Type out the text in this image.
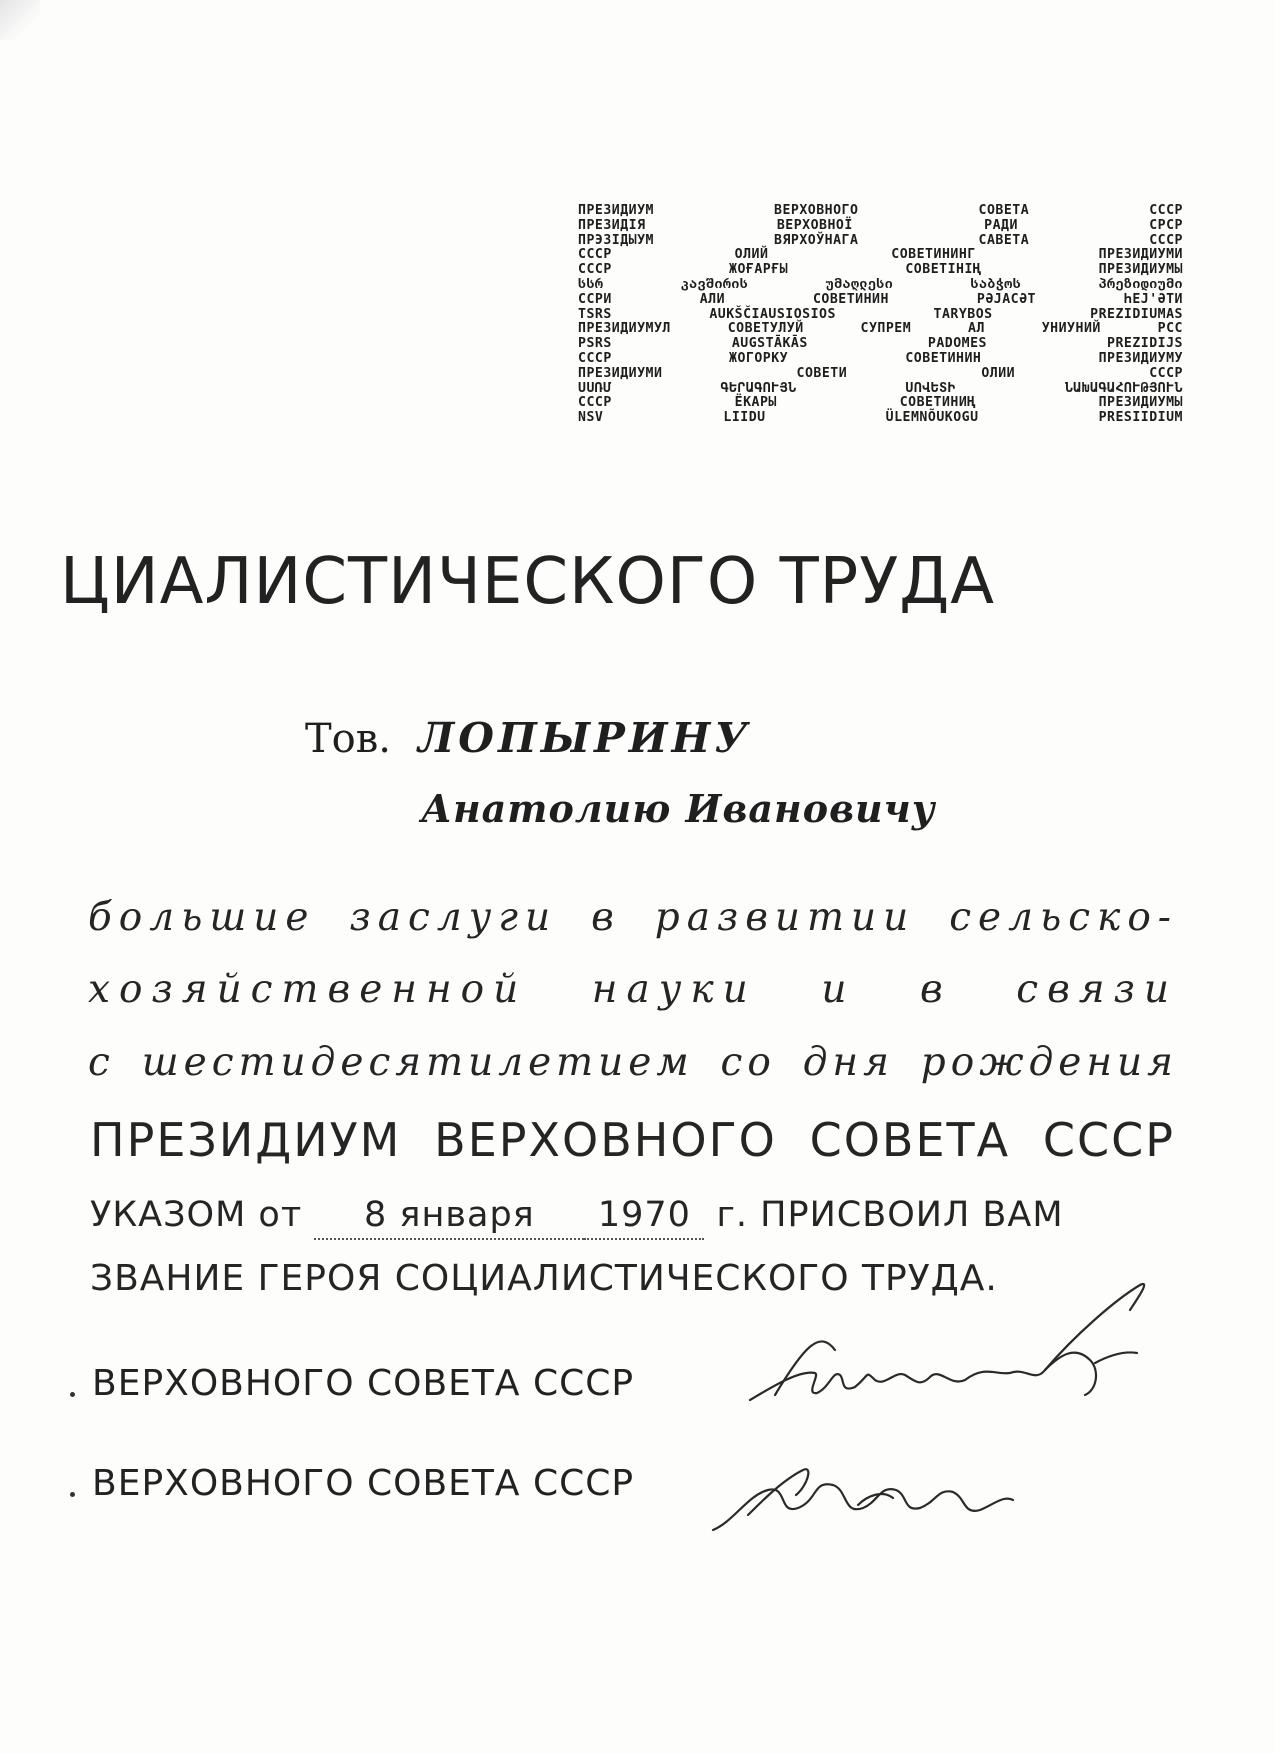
ПРЕЗИДИУМ ВЕРХОВНОГО СОВЕТА СССР
ПРЕЗИДІЯ ВЕРХОВНОЇ РАДИ СРСР
ПРЭЗІДЫУМ ВЯРХОЎНАГА САВЕТА СССР
СССР ОЛИЙ СОВЕТИНИНГ ПРЕЗИДИУМИ
СССР ЖОҒАРҒЫ СОВЕТІНІҢ ПРЕЗИДИУМЫ
სსრ კავშირის უმაღლესი საბჭოს პრეზიდიუმი
ССРИ АЛИ СОВЕТИНИН РӘЈАСӘТ ҺЕЈ'ӘТИ
TSRS AUKŠČIAUSIOSIOS TARYBOS PREZIDIUMAS
ПРЕЗИДИУМУЛ СОВЕТУЛУЙ СУПРЕМ АЛ УНИУНИЙ РСС
PSRS AUGSTĀKĀS PADOMES PREZIDIJS
СССР ЖОГОРКУ СОВЕТИНИН ПРЕЗИДИУМУ
ПРЕЗИДИУМИ СОВЕТИ ОЛИИ СССР
ՍՍՌՄ ԳԵՐԱԳՈՒՅՆ ՍՈՎԵՏԻ ՆԱԽԱԳԱՀՈՒԹՅՈՒՆ
СССР ЁКАРЫ СОВЕТИНИҢ ПРЕЗИДИУМЫ
NSV LIIDU ÜLEMNÕUKOGU PRESIIDIUM
ЦИАЛИСТИЧЕСКОГО ТРУДА
Тов. ЛОПЫРИНУ
Анатолию Ивановичу
большие заслуги в развитии сельско-
хозяйственной науки и в связи
с шестидесятилетием со дня рождения
ПРЕЗИДИУМ ВЕРХОВНОГО СОВЕТА СССР
УКАЗОМ от 8 января 1970 г. ПРИСВОИЛ ВАМ
ЗВАНИЕ ГЕРОЯ СОЦИАЛИСТИЧЕСКОГО ТРУДА.
ВЕРХОВНОГО СОВЕТА СССР
ВЕРХОВНОГО СОВЕТА СССР
